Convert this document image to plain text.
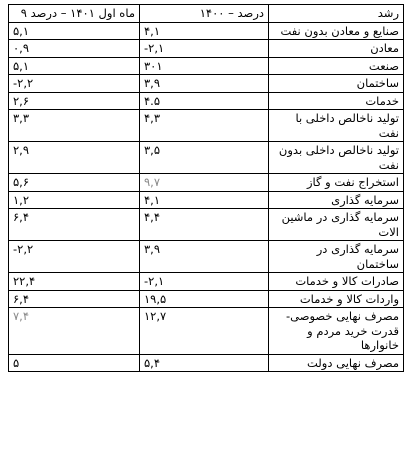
رشد	۱۴۰۰ – درصد	۹ ماه اول ۱۴۰۱ – درصد
صنایع و معادن بدون نفت	۴,۱	۵,۱
معادن	-۲,۱	۰,۹
صنعت	۳۰۱	۵,۱
ساختمان	۳,۹	-۲,۲
خدمات	۴.۵	۲,۶
تولید ناخالص داخلی با نفت	۴,۳	۳,۳
تولید ناخالص داخلی بدون نفت	۳,۵	۲,۹
استخراج نفت و گاز	۹,۷	۵,۶
سرمایه گذاری	۴,۱	۱,۲
سرمایه گذاری در ماشین الات	۴,۴	۶,۴
سرمایه گذاری در ساختمان	۳,۹	-۲,۲
صادرات کالا و خدمات	-۲,۱	۲۲,۴
واردات کالا و خدمات	۱۹,۵	۶,۴
مصرف نهایی خصوصی- قدرت خرید مردم و خانوارها	۱۲,۷	۷,۴
مصرف نهایی دولت	۵,۴	۵
